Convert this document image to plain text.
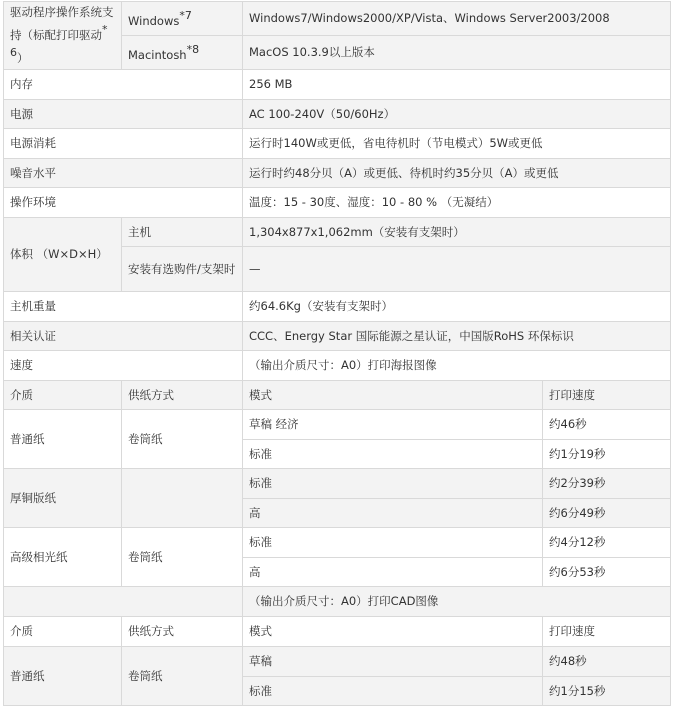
驱动程序操作系统支持（标配打印驱动*6）	Windows*7	Windows7/Windows2000/XP/Vista、Windows Server2003/2008	
	Macintosh*8	MacOS 10.3.9以上版本	
内存		256 MB	
电源		AC 100-240V（50/60Hz）	
电源消耗		运行时140W或更低，省电待机时（节电模式）5W或更低	
噪音水平		运行时约48分贝（A）或更低、待机时约35分贝（A）或更低	
操作环境		温度：15 - 30度、湿度：10 - 80 % （无凝结）	
体积 （W×D×H）	主机	1,304x877x1,062mm（安装有支架时）	
	安装有选购件/支架时	—	
主机重量		约64.6Kg（安装有支架时）	
相关认证		CCC、Energy Star 国际能源之星认证，中国版RoHS 环保标识	
速度		（输出介质尺寸：A0）打印海报图像	
介质	供纸方式	模式	打印速度
普通纸	卷筒纸	草稿 经济	约46秒
		标准	约1分19秒
厚铜版纸		标准	约2分39秒
		高	约6分49秒
高级相光纸	卷筒纸	标准	约4分12秒
		高	约6分53秒
		（输出介质尺寸：A0）打印CAD图像	
介质	供纸方式	模式	打印速度
普通纸	卷筒纸	草稿	约48秒
		标准	约1分15秒
